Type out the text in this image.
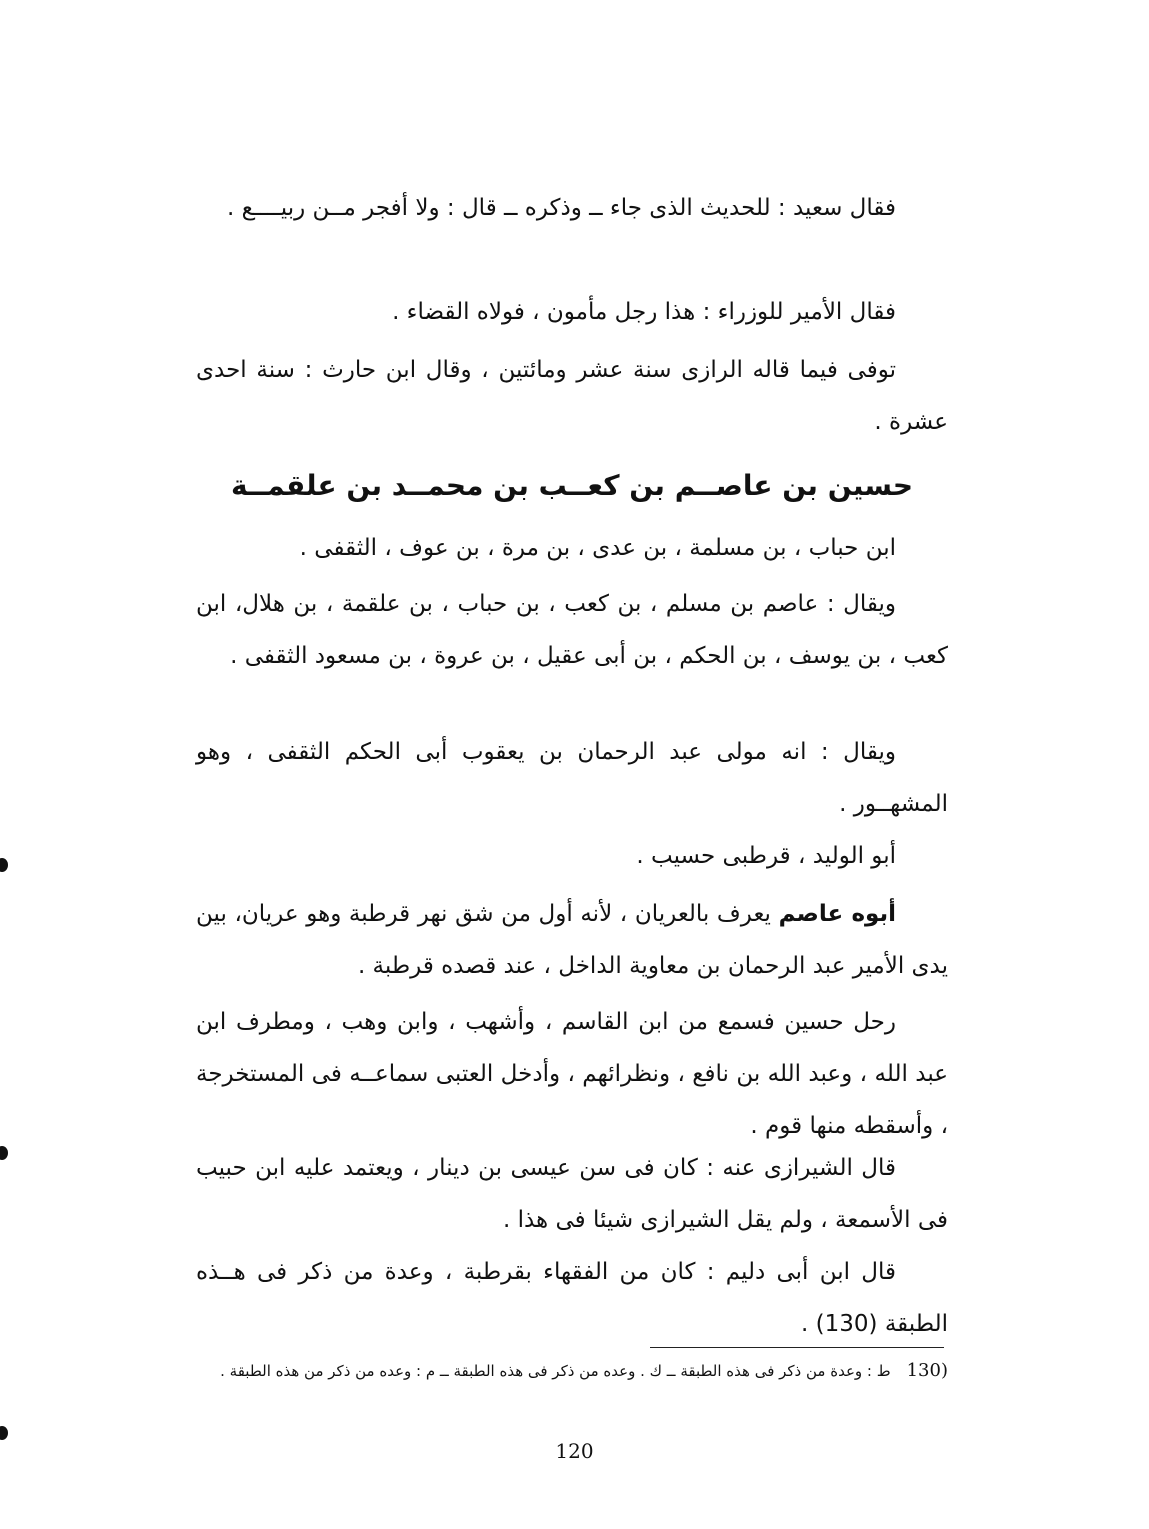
فقال سعيد : للحديث الذى جاء ــ وذكره ــ قال : ولا أفجر مــن ربيــــع .

فقال الأمير للوزراء : هذا رجل مأمون ، فولاه القضاء .

توفى فيما قاله الرازى سنة عشر ومائتين ، وقال ابن حارث : سنة احدى عشرة .

حسين بن عاصــم بن كعــب بن محمــد بن علقمــة

ابن حباب ، بن مسلمة ، بن عدى ، بن مرة ، بن عوف ، الثقفى .

ويقال : عاصم بن مسلم ، بن كعب ، بن حباب ، بن علقمة ، بن هلال، ابن كعب ، بن يوسف ، بن الحكم ، بن أبى عقيل ، بن عروة ، بن مسعود الثقفى .

ويقال : انه مولى عبد الرحمان بن يعقوب أبى الحكم الثقفى ، وهو المشهــور .

أبو الوليد ، قرطبى حسيب .

أبوه عاصم يعرف بالعريان ، لأنه أول من شق نهر قرطبة وهو عريان، بين يدى الأمير عبد الرحمان بن معاوية الداخل ، عند قصده قرطبة .

رحل حسين فسمع من ابن القاسم ، وأشهب ، وابن وهب ، ومطرف ابن عبد الله ، وعبد الله بن نافع ، ونظرائهم ، وأدخل العتبى سماعــه فى المستخرجة ، وأسقطه منها قوم .

قال الشيرازى عنه : كان فى سن عيسى بن دينار ، ويعتمد عليه ابن حبيب فى الأسمعة ، ولم يقل الشيرازى شيئا فى هذا .

قال ابن أبى دليم : كان من الفقهاء بقرطبة ، وعدة من ذكر فى هــذه الطبقة (130) .

(130ط : وعدة من ذكر فى هذه الطبقة ــ ك . وعده من ذكر فى هذه الطبقة ــ م : وعده من ذكر من هذه الطبقة .

120
